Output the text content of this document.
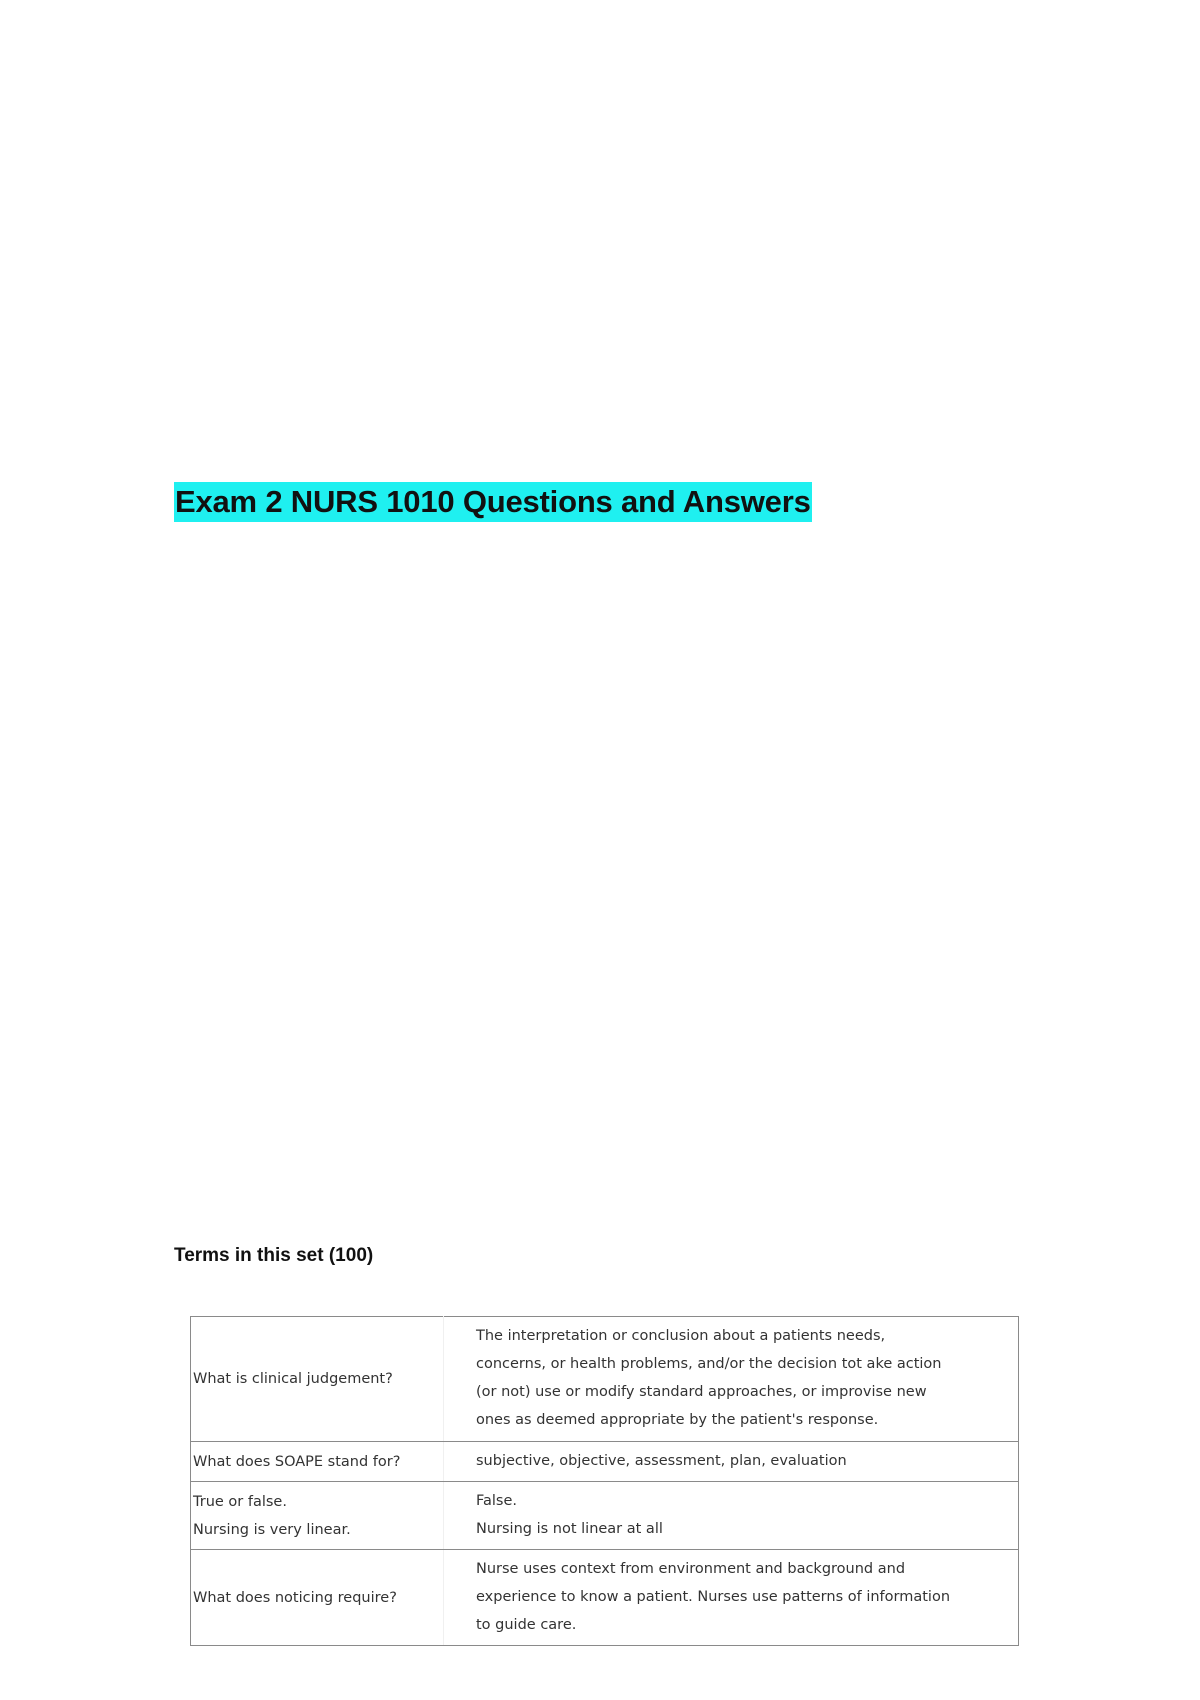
Exam 2 NURS 1010 Questions and Answers
Terms in this set (100)
What is clinical judgement?	The interpretation or conclusion about a patients needs,
concerns, or health problems, and/or the decision tot ake action
(or not) use or modify standard approaches, or improvise new
ones as deemed appropriate by the patient's response.

What does SOAPE stand for?	subjective, objective, assessment, plan, evaluation

True or false.
Nursing is very linear.	False.
Nursing is not linear at all

What does noticing require?	Nurse uses context from environment and background and
experience to know a patient. Nurses use patterns of information
to guide care.
